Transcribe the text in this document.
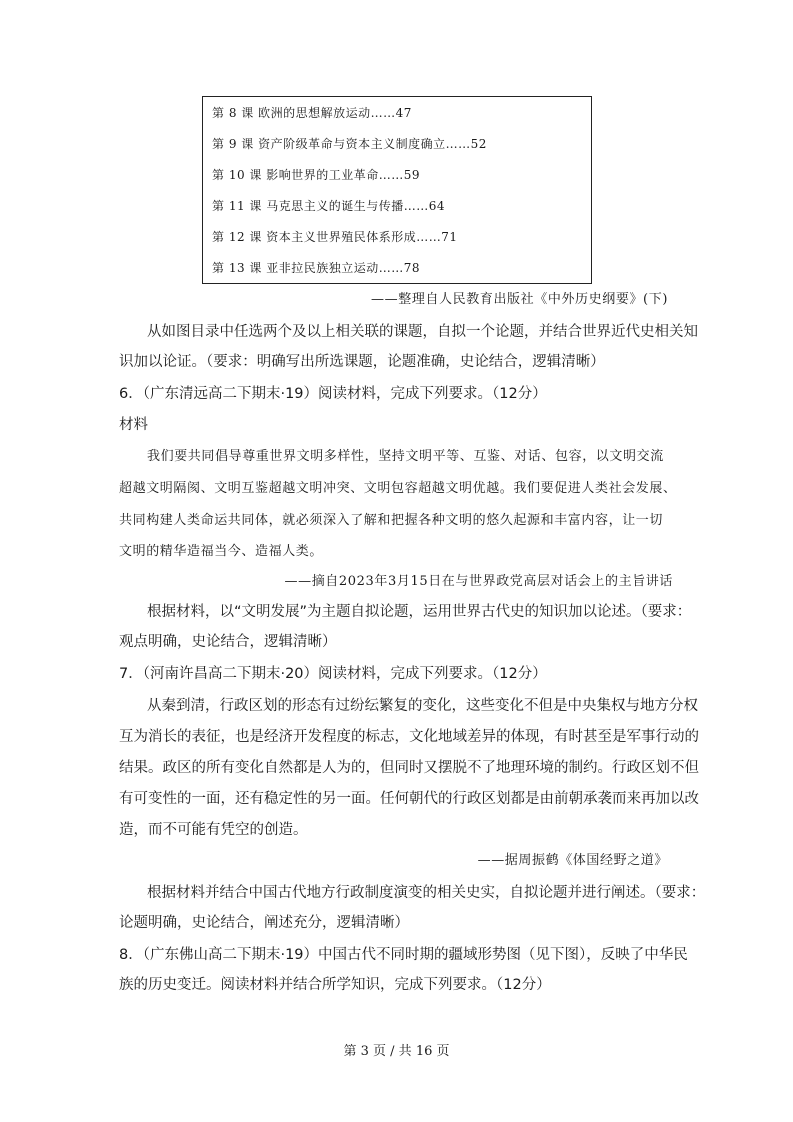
第 8 课 欧洲的思想解放运动……47
第 9 课 资产阶级革命与资本主义制度确立……52
第 10 课 影响世界的工业革命……59
第 11 课 马克思主义的诞生与传播……64
第 12 课 资本主义世界殖民体系形成……71
第 13 课 亚非拉民族独立运动……78
——整理自人民教育出版社《中外历史纲要》(下)
从如图目录中任选两个及以上相关联的课题，自拟一个论题，并结合世界近代史相关知
识加以论证。（要求：明确写出所选课题，论题准确，史论结合，逻辑清晰）
6．（广东清远高二下期末·19）阅读材料，完成下列要求。（12分）
材料
我们要共同倡导尊重世界文明多样性，坚持文明平等、互鉴、对话、包容，以文明交流
超越文明隔阂、文明互鉴超越文明冲突、文明包容超越文明优越。我们要促进人类社会发展、
共同构建人类命运共同体，就必须深入了解和把握各种文明的悠久起源和丰富内容，让一切
文明的精华造福当今、造福人类。
——摘自2023年3月15日在与世界政党高层对话会上的主旨讲话
根据材料，以“文明发展”为主题自拟论题，运用世界古代史的知识加以论述。（要求：
观点明确，史论结合，逻辑清晰）
7．（河南许昌高二下期末·20）阅读材料，完成下列要求。（12分）
从秦到清，行政区划的形态有过纷纭繁复的变化，这些变化不但是中央集权与地方分权
互为消长的表征，也是经济开发程度的标志，文化地域差异的体现，有时甚至是军事行动的
结果。政区的所有变化自然都是人为的，但同时又摆脱不了地理环境的制约。行政区划不但
有可变性的一面，还有稳定性的另一面。任何朝代的行政区划都是由前朝承袭而来再加以改
造，而不可能有凭空的创造。
——据周振鹤《体国经野之道》
根据材料并结合中国古代地方行政制度演变的相关史实，自拟论题并进行阐述。（要求：
论题明确，史论结合，阐述充分，逻辑清晰）
8．（广东佛山高二下期末·19）中国古代不同时期的疆域形势图（见下图），反映了中华民
族的历史变迁。阅读材料并结合所学知识，完成下列要求。（12分）
第 3 页 / 共 16 页
